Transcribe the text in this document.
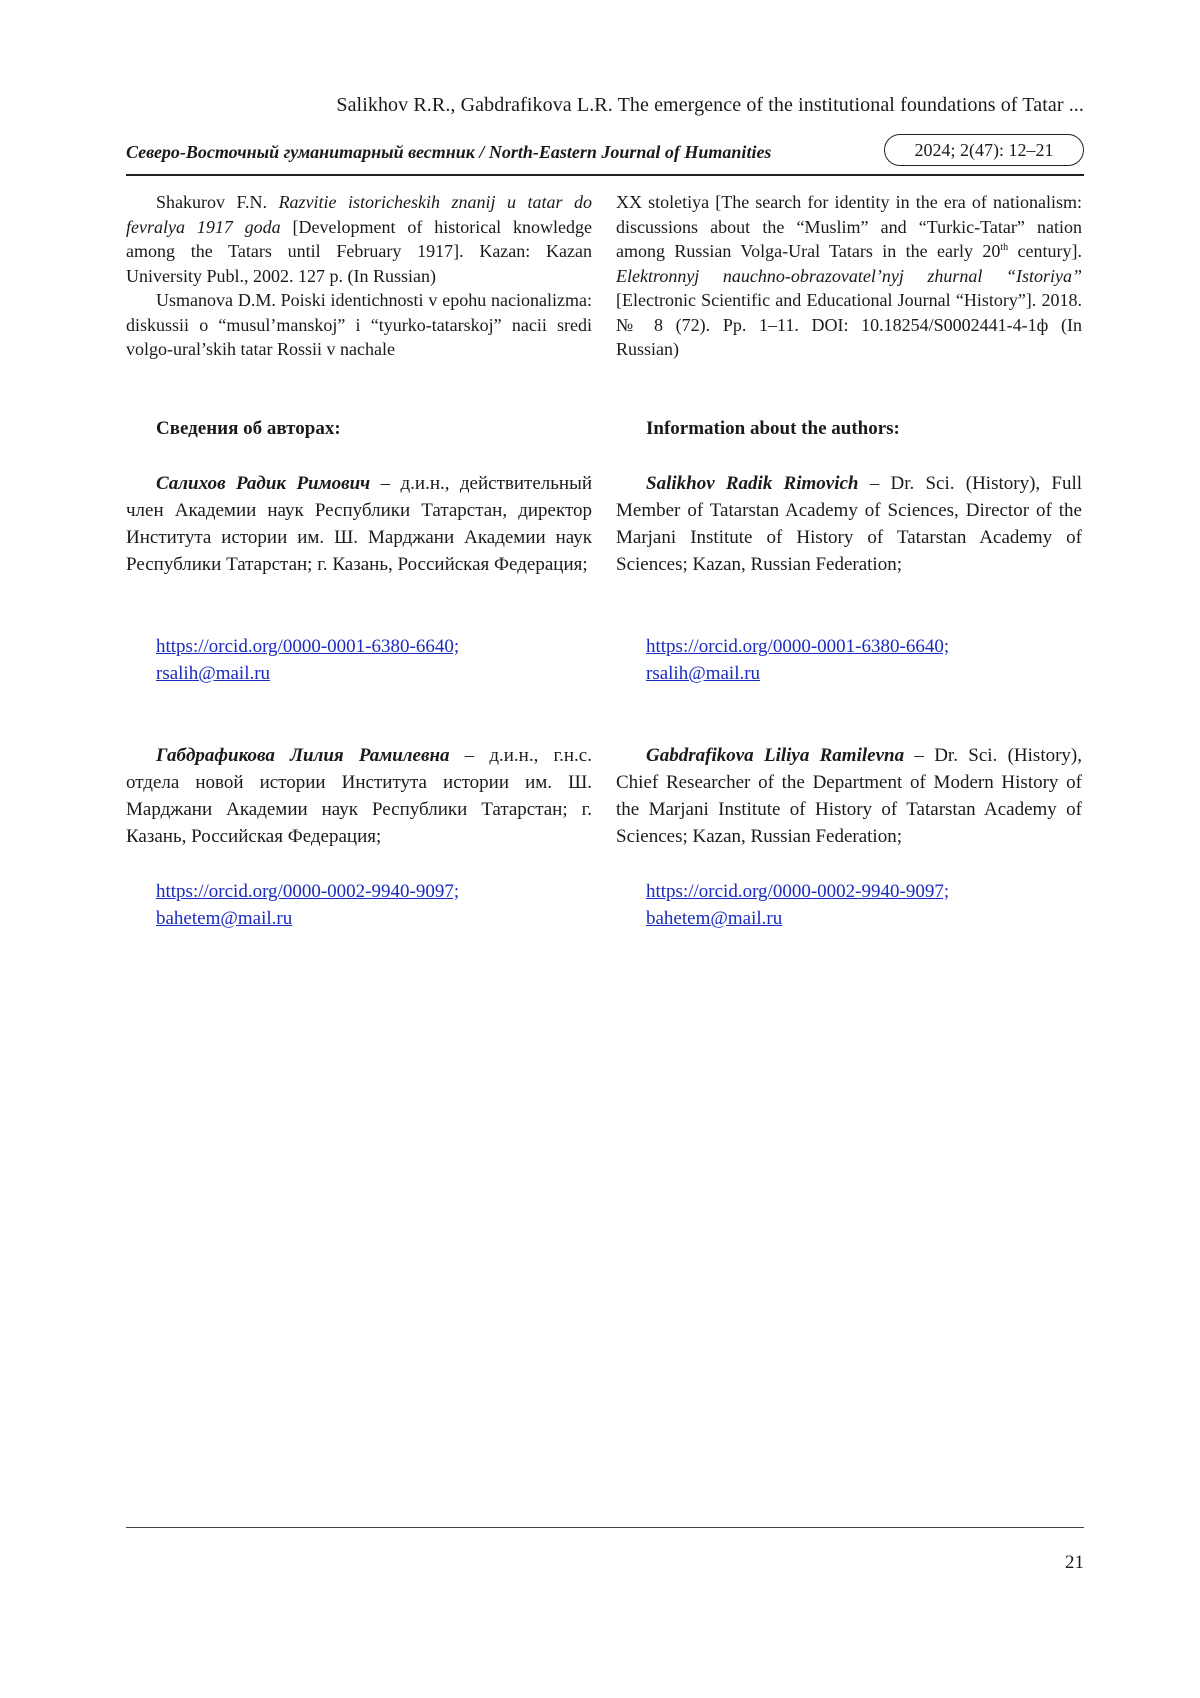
Salikhov R.R., Gabdrafikova L.R. The emergence of the institutional foundations of Tatar ...
Северо-Восточный гуманитарный вестник / North-Eastern Journal of Humanities	2024; 2(47): 12–21

Shakurov F.N. Razvitie istoricheskih znanij u tatar do fevralya 1917 goda [Development of historical knowledge among the Tatars until February 1917]. Kazan: Kazan University Publ., 2002. 127 p. (In Russian)

Usmanova D.M. Poiski identichnosti v epohu nacionalizma: diskussii o “musul’manskoj” i “tyurko-tatarskoj” nacii sredi volgo-ural’skih tatar Rossii v nachale

XX stoletiya [The search for identity in the era of nationalism: discussions about the “Muslim” and “Turkic-Tatar” nation among Russian Volga-Ural Tatars in the early 20th century]. Elektronnyj nauchno-obrazovatel’nyj zhurnal “Istoriya” [Electronic Scientific and Educational Journal “History”]. 2018. № 8 (72). Pp. 1–11. DOI: 10.18254/S0002441-4-1ф (In Russian)

Сведения об авторах:	Information about the authors:

Салихов Радик Римович – д.и.н., действительный член Академии наук Республики Татарстан, директор Института истории им. Ш. Марджани Академии наук Республики Татарстан; г. Казань, Российская Федерация;

https://orcid.org/0000-0001-6380-6640;
rsalih@mail.ru

Salikhov Radik Rimovich – Dr. Sci. (History), Full Member of Tatarstan Academy of Sciences, Director of the Marjani Institute of History of Tatarstan Academy of Sciences; Kazan, Russian Federation;

https://orcid.org/0000-0001-6380-6640;
rsalih@mail.ru

Габдрафикова Лилия Рамилевна – д.и.н., г.н.с. отдела новой истории Института истории им. Ш. Марджани Академии наук Республики Татарстан; г. Казань, Российская Федерация;

https://orcid.org/0000-0002-9940-9097;
bahetem@mail.ru

Gabdrafikova Liliya Ramilevna – Dr. Sci. (History), Chief Researcher of the Department of Modern History of the Marjani Institute of History of Tatarstan Academy of Sciences; Kazan, Russian Federation;

https://orcid.org/0000-0002-9940-9097;
bahetem@mail.ru
21
